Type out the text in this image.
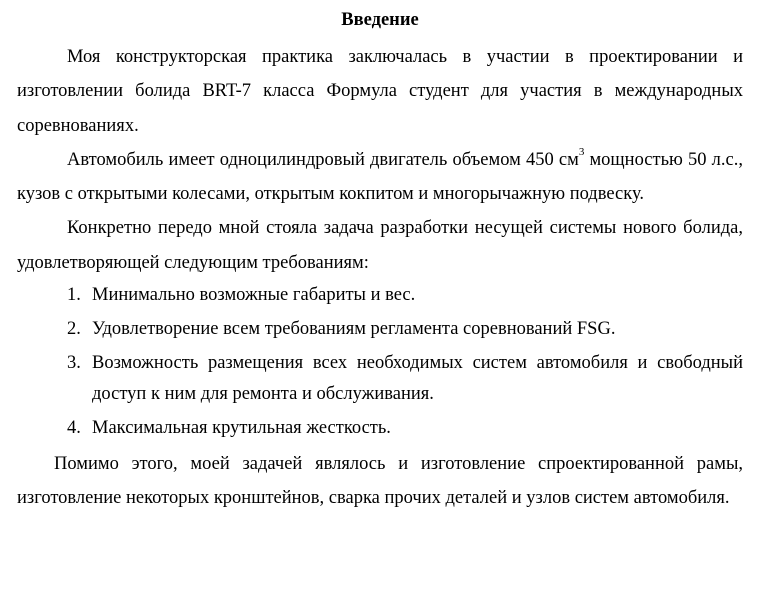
Введение

Моя конструкторская практика заключалась в участии в проектировании и изготовлении болида BRT-7 класса Формула студент для участия в международных соревнованиях.

Автомобиль имеет одноцилиндровый двигатель объемом 450 $см^3$ мощностью 50 л.с., кузов с открытыми колесами, открытым кокпитом и многорычажную подвеску.

Конкретно передо мной стояла задача разработки несущей системы нового болида, удовлетворяющей следующим требованиям:

1. Минимально возможные габариты и вес.
2. Удовлетворение всем требованиям регламента соревнований FSG.
3. Возможность размещения всех необходимых систем автомобиля и свободный доступ к ним для ремонта и обслуживания.
4. Максимальная крутильная жесткость.

Помимо этого, моей задачей являлось и изготовление спроектированной рамы, изготовление некоторых кронштейнов, сварка прочих деталей и узлов систем автомобиля.
